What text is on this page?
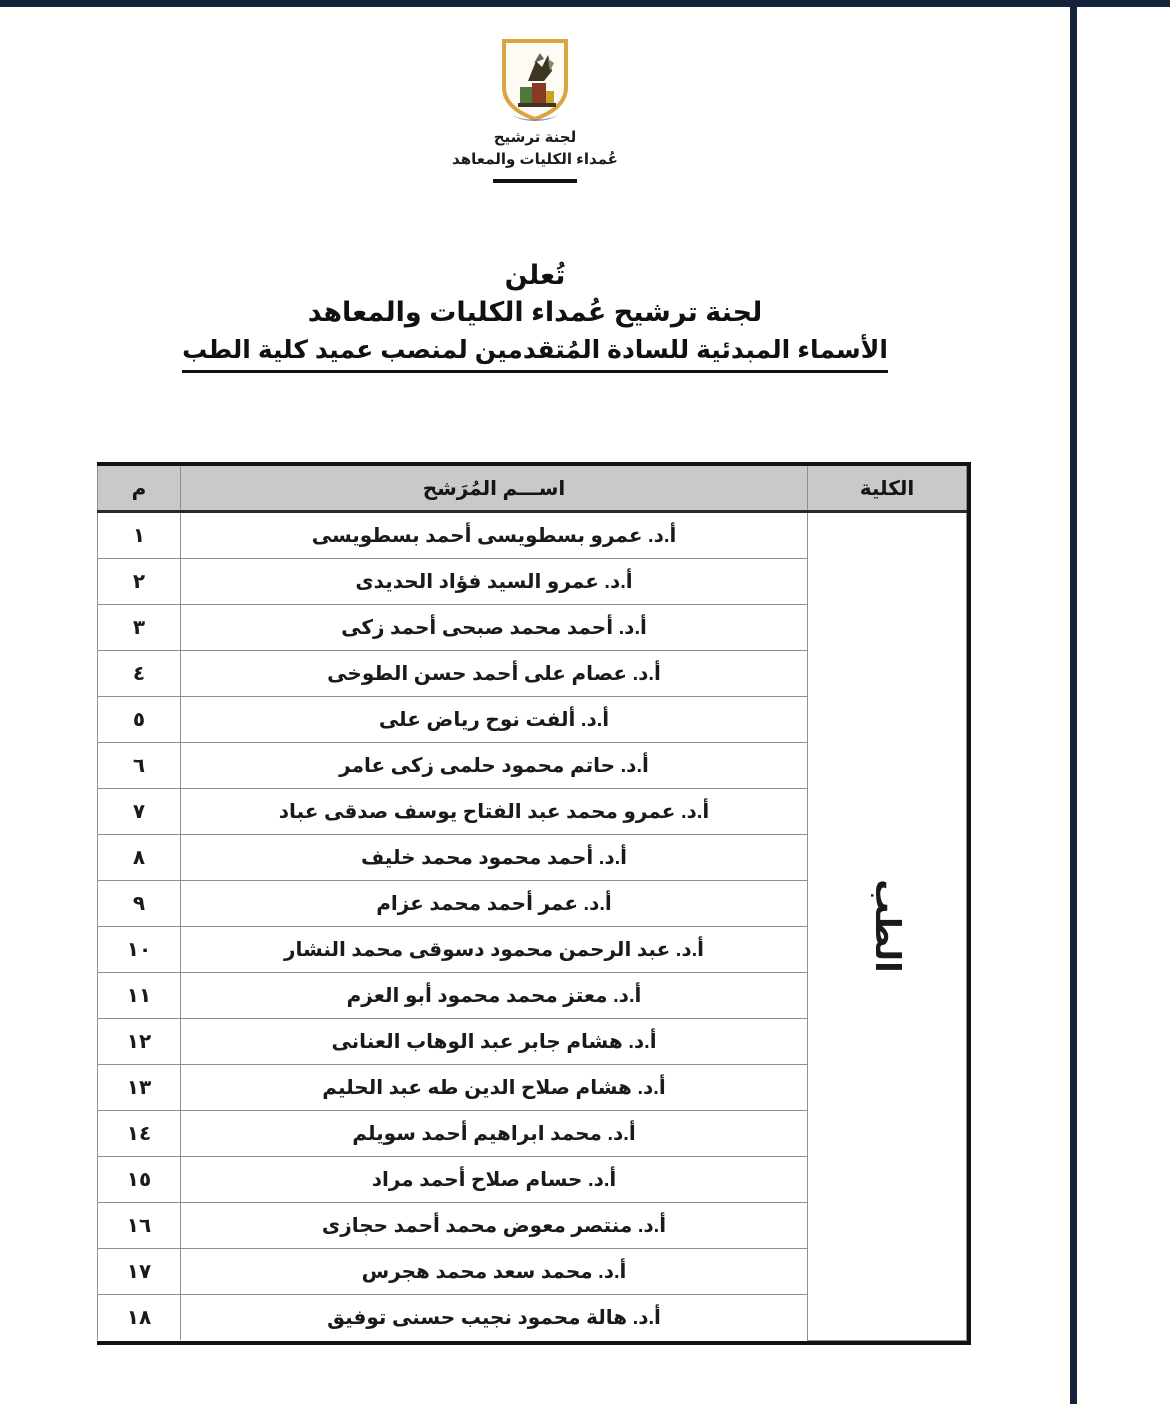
لجنة ترشيح
عُمداء الكليات والمعاهد
تُعلن
لجنة ترشيح عُمداء الكليات والمعاهد
الأسماء المبدئية للسادة المُتقدمين لمنصب عميد كلية الطب
الكلية	اســـم المُرَشح	م

الطب	أ.د. عمرو بسطويسى أحمد بسطويسى	١
	أ.د. عمرو السيد فؤاد الحديدى	٢
	أ.د. أحمد محمد صبحى أحمد زكى	٣
	أ.د. عصام على أحمد حسن الطوخى	٤
	أ.د. ألفت نوح رياض على	٥
	أ.د. حاتم محمود حلمى زكى عامر	٦
	أ.د. عمرو محمد عبد الفتاح يوسف صدقى عباد	٧
	أ.د. أحمد محمود محمد خليف	٨
	أ.د. عمر أحمد محمد عزام	٩
	أ.د. عبد الرحمن محمود دسوقى محمد النشار	١٠
	أ.د. معتز محمد محمود أبو العزم	١١
	أ.د. هشام جابر عبد الوهاب العنانى	١٢
	أ.د. هشام صلاح الدين طه عبد الحليم	١٣
	أ.د. محمد ابراهيم أحمد سويلم	١٤
	أ.د. حسام صلاح أحمد مراد	١٥
	أ.د. منتصر معوض محمد أحمد حجازى	١٦
	أ.د. محمد سعد محمد هجرس	١٧
	أ.د. هالة محمود نجيب حسنى توفيق	١٨
